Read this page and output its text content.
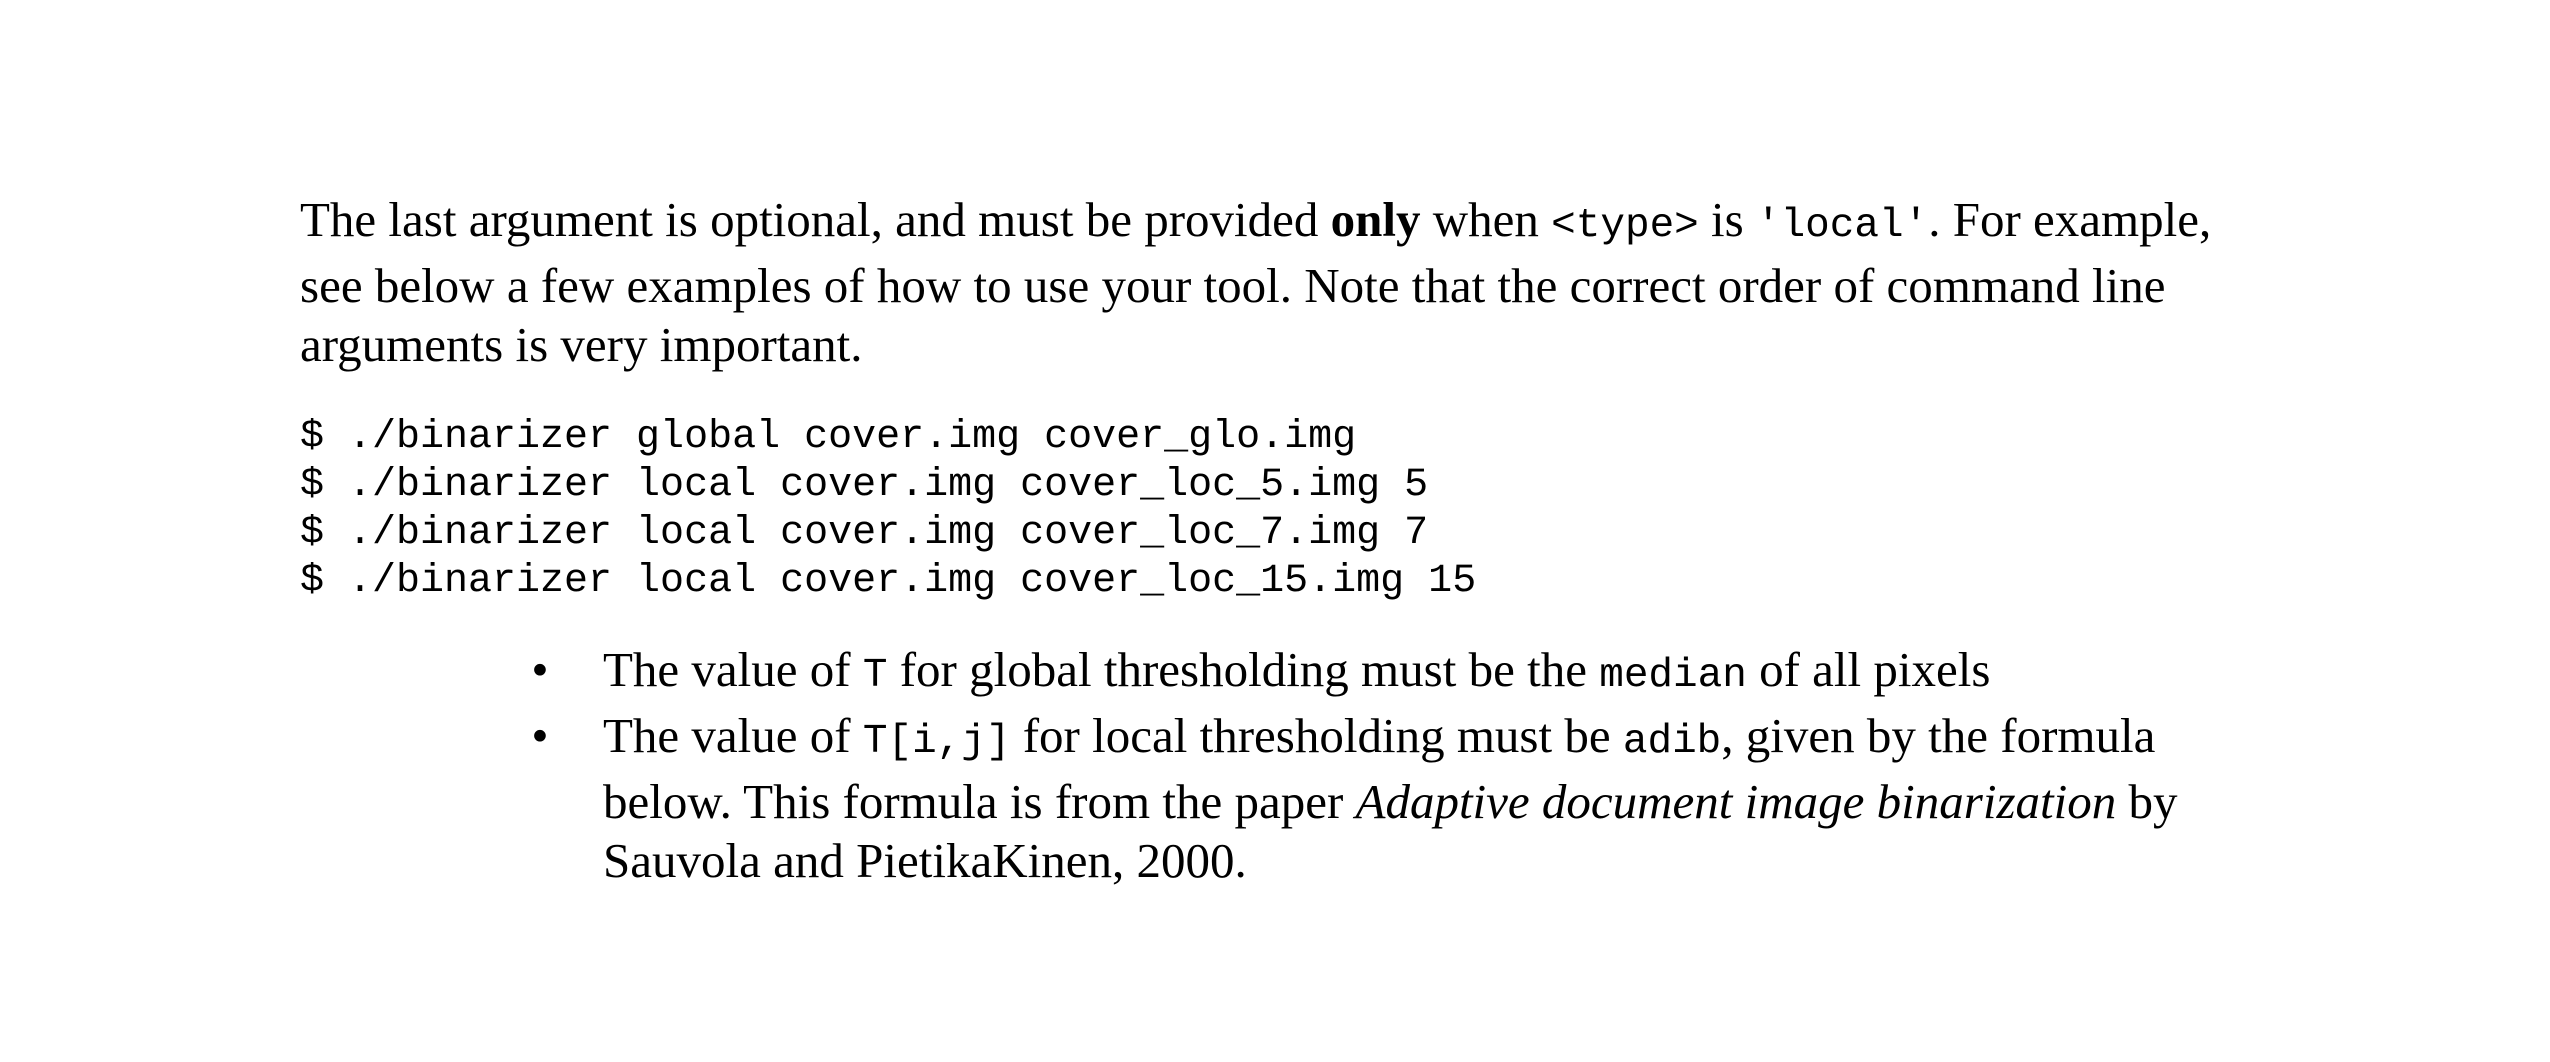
The last argument is optional, and must be provided only when <type> is 'local'. For example,
see below a few examples of how to use your tool. Note that the correct order of command line
arguments is very important.

$ ./binarizer global cover.img cover_glo.img
$ ./binarizer local cover.img cover_loc_5.img 5
$ ./binarizer local cover.img cover_loc_7.img 7
$ ./binarizer local cover.img cover_loc_15.img 15
• The value of T for global thresholding must be the median of all pixels
• The value of T[i,j] for local thresholding must be adib, given by the formula
below. This formula is from the paper Adaptive document image binarization by
Sauvola and PietikaKinen, 2000.
